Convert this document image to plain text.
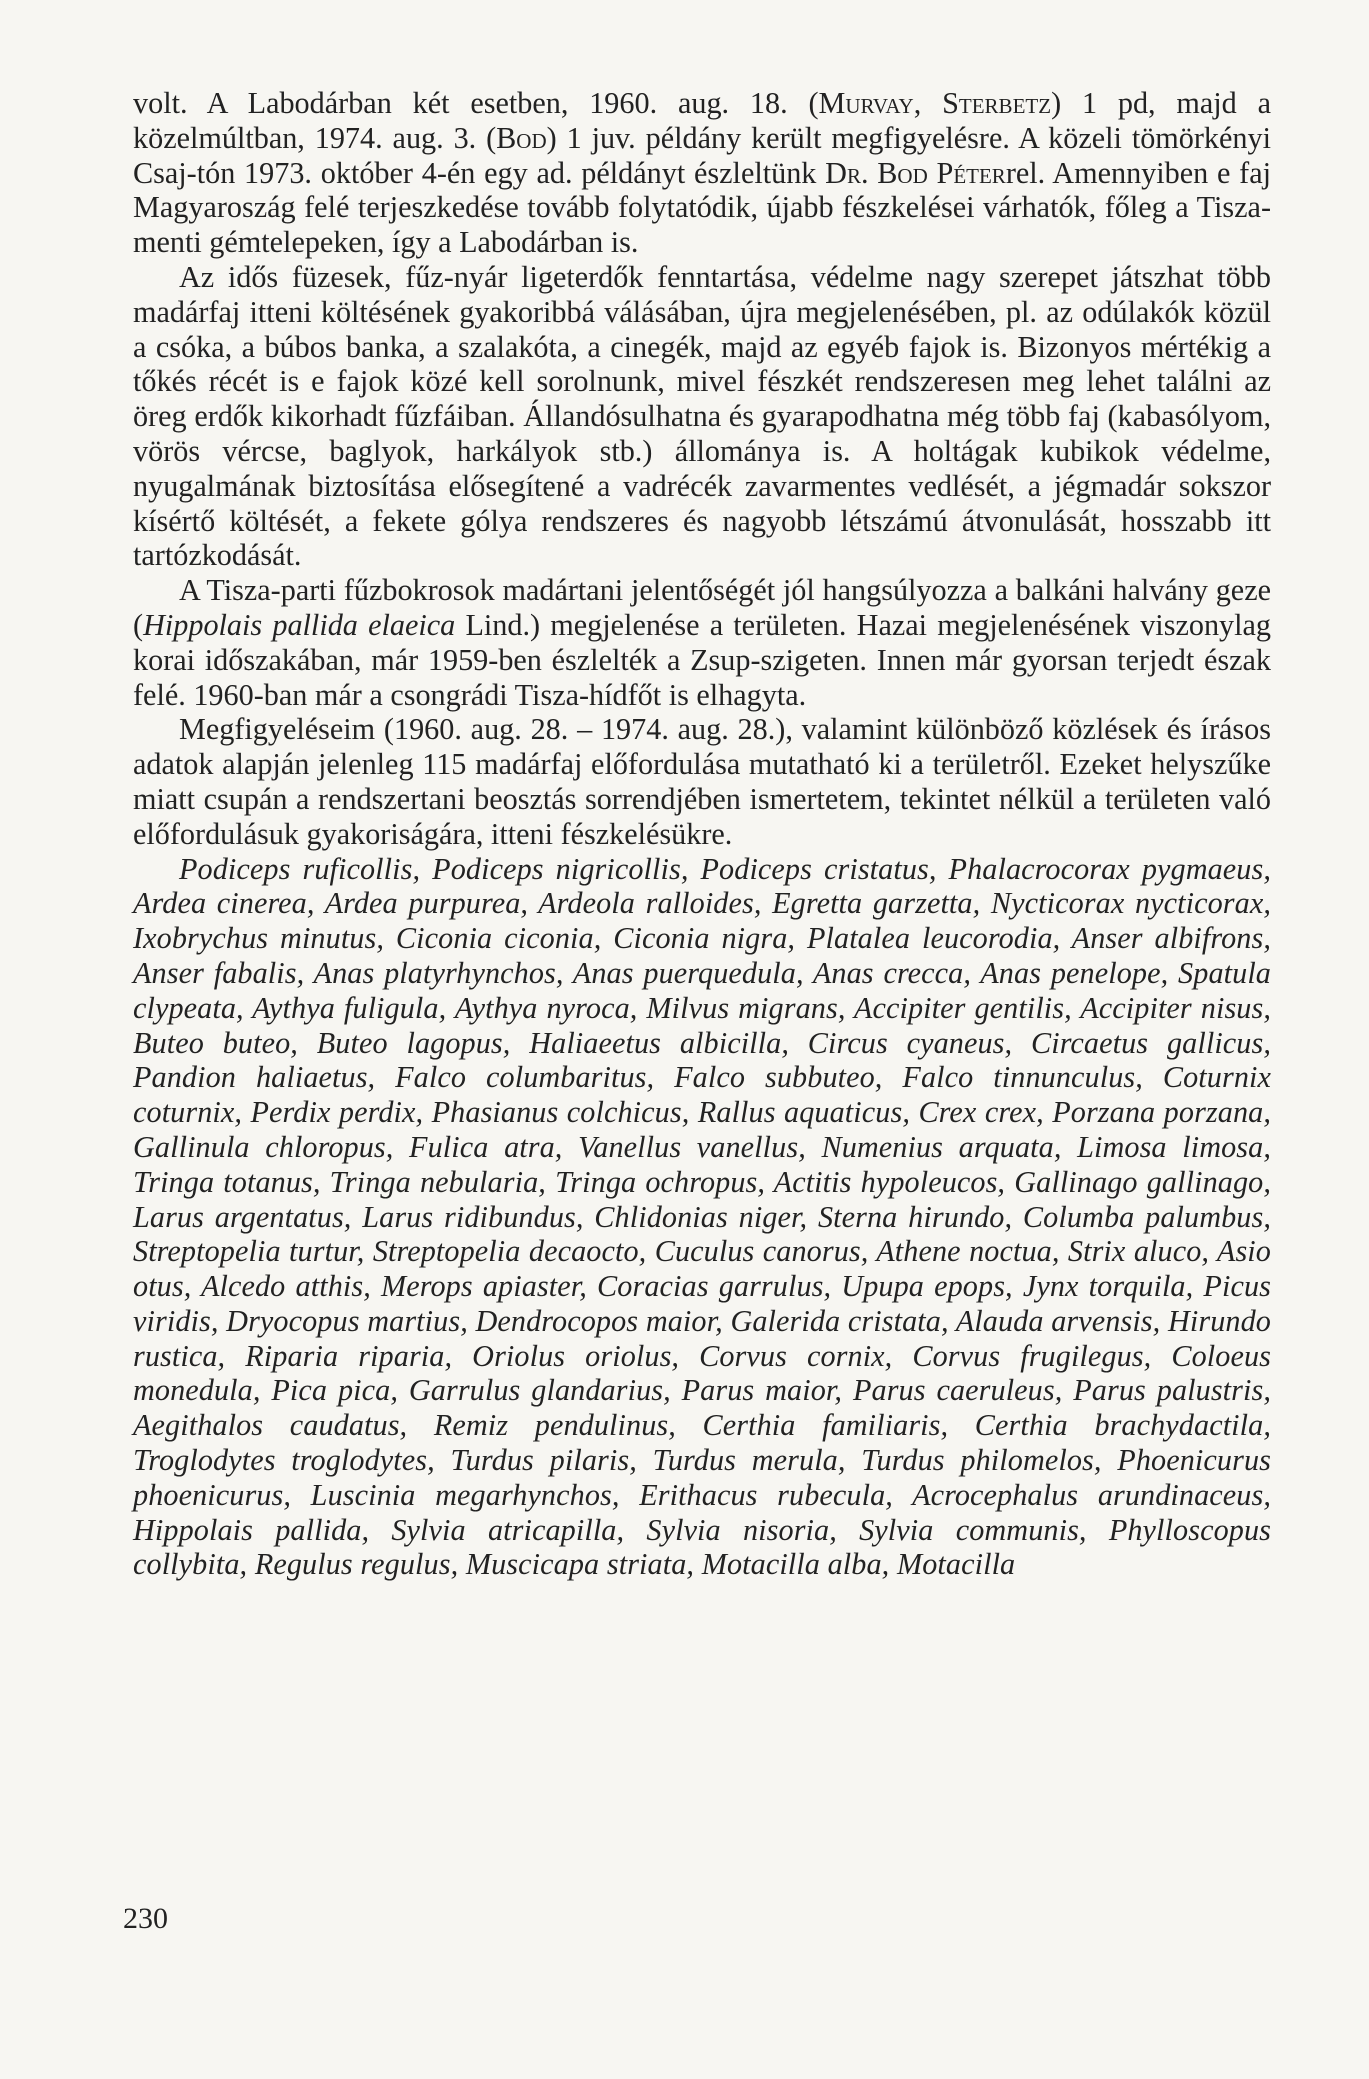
volt. A Labodárban két esetben, 1960. aug. 18. (Murvay, Sterbetz) 1 pd, majd a közelmúltban, 1974. aug. 3. (Bod) 1 juv. példány került megfigyelésre. A közeli tömörkényi Csaj-tón 1973. október 4-én egy ad. példányt észleltünk Dr. Bod Péterrel. Amennyiben e faj Magyaroszág felé terjeszkedése tovább folytatódik, újabb fészkelései várhatók, főleg a Tisza-menti gémtelepeken, így a Labodárban is.

Az idős füzesek, fűz-nyár ligeterdők fenntartása, védelme nagy szerepet játszhat több madárfaj itteni költésének gyakoribbá válásában, újra megjelenésében, pl. az odúlakók közül a csóka, a búbos banka, a szalakóta, a cinegék, majd az egyéb fajok is. Bizonyos mértékig a tőkés récét is e fajok közé kell sorolnunk, mivel fészkét rendszeresen meg lehet találni az öreg erdők kikorhadt fűzfáiban. Állandósulhatna és gyarapodhatna még több faj (kabasólyom, vörös vércse, baglyok, harkályok stb.) állománya is. A holtágak kubikok védelme, nyugalmának biztosítása elősegítené a vadrécék zavarmentes vedlését, a jégmadár sokszor kísértő költését, a fekete gólya rendszeres és nagyobb létszámú átvonulását, hosszabb itt tartózkodását.

A Tisza-parti fűzbokrosok madártani jelentőségét jól hangsúlyozza a balkáni halvány geze (Hippolais pallida elaeica Lind.) megjelenése a területen. Hazai megjelenésének viszonylag korai időszakában, már 1959-ben észlelték a Zsup-szigeten. Innen már gyorsan terjedt észak felé. 1960-ban már a csongrádi Tisza-hídfőt is elhagyta.

Megfigyeléseim (1960. aug. 28. – 1974. aug. 28.), valamint különböző közlések és írásos adatok alapján jelenleg 115 madárfaj előfordulása mutatható ki a területről. Ezeket helyszűke miatt csupán a rendszertani beosztás sorrendjében ismertetem, tekintet nélkül a területen való előfordulásuk gyakoriságára, itteni fészkelésükre.

Podiceps ruficollis, Podiceps nigricollis, Podiceps cristatus, Phalacrocorax pygmaeus, Ardea cinerea, Ardea purpurea, Ardeola ralloides, Egretta garzetta, Nycticorax nycticorax, Ixobrychus minutus, Ciconia ciconia, Ciconia nigra, Platalea leucorodia, Anser albifrons, Anser fabalis, Anas platyrhynchos, Anas puerquedula, Anas crecca, Anas penelope, Spatula clypeata, Aythya fuligula, Aythya nyroca, Milvus migrans, Accipiter gentilis, Accipiter nisus, Buteo buteo, Buteo lagopus, Haliaeetus albicilla, Circus cyaneus, Circaetus gallicus, Pandion haliaetus, Falco columbaritus, Falco subbuteo, Falco tinnunculus, Coturnix coturnix, Perdix perdix, Phasianus colchicus, Rallus aquaticus, Crex crex, Porzana porzana, Gallinula chloropus, Fulica atra, Vanellus vanellus, Numenius arquata, Limosa limosa, Tringa totanus, Tringa nebularia, Tringa ochropus, Actitis hypoleucos, Gallinago gallinago, Larus argentatus, Larus ridibundus, Chlidonias niger, Sterna hirundo, Columba palumbus, Streptopelia turtur, Streptopelia decaocto, Cuculus canorus, Athene noctua, Strix aluco, Asio otus, Alcedo atthis, Merops apiaster, Coracias garrulus, Upupa epops, Jynx torquila, Picus viridis, Dryocopus martius, Dendrocopos maior, Galerida cristata, Alauda arvensis, Hirundo rustica, Riparia riparia, Oriolus oriolus, Corvus cornix, Corvus frugilegus, Coloeus monedula, Pica pica, Garrulus glandarius, Parus maior, Parus caeruleus, Parus palustris, Aegithalos caudatus, Remiz pendulinus, Certhia familiaris, Certhia brachydactila, Troglodytes troglodytes, Turdus pilaris, Turdus merula, Turdus philomelos, Phoenicurus phoenicurus, Luscinia megarhynchos, Erithacus rubecula, Acrocephalus arundinaceus, Hippolais pallida, Sylvia atricapilla, Sylvia nisoria, Sylvia communis, Phylloscopus collybita, Regulus regulus, Muscicapa striata, Motacilla alba, Motacilla

230
